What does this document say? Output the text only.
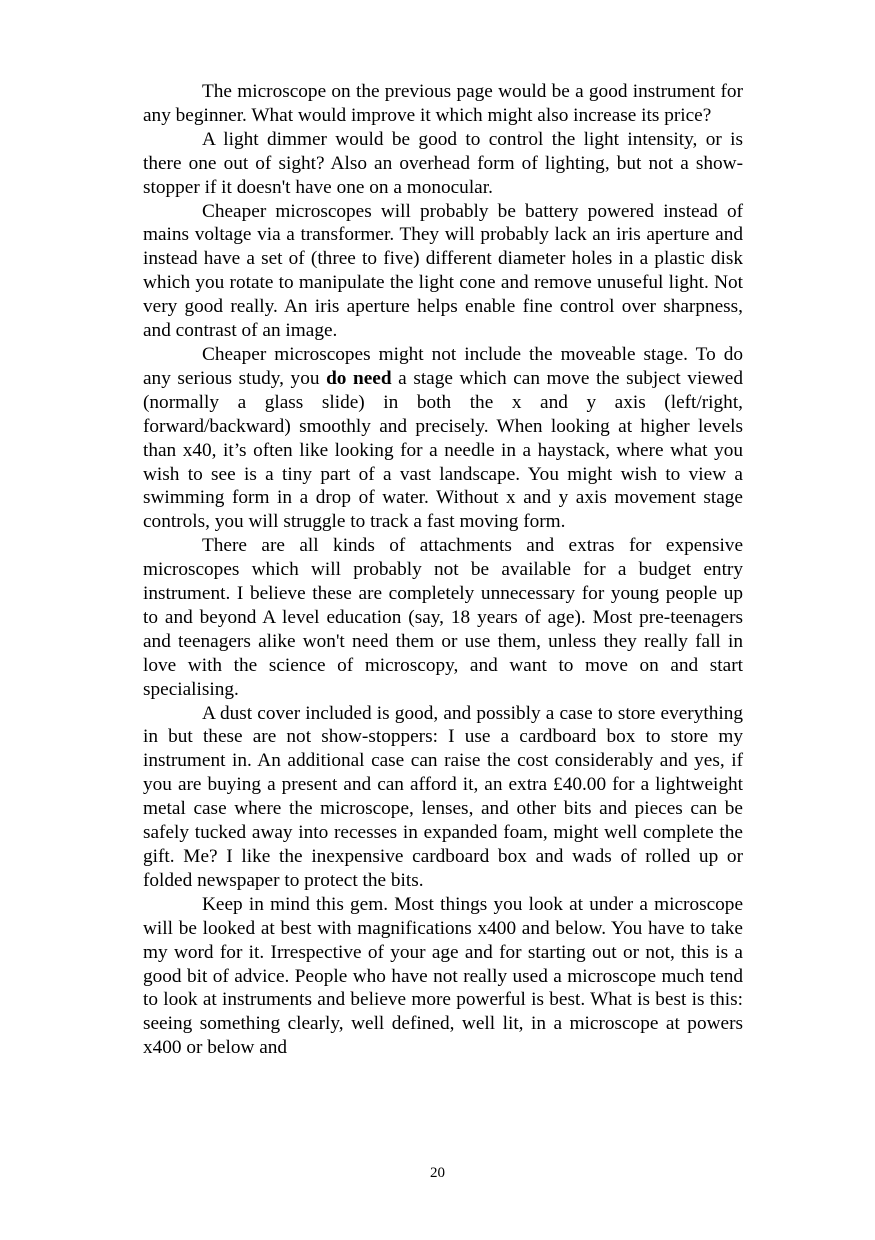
The microscope on the previous page would be a good instrument for any beginner. What would improve it which might also increase its price?

A light dimmer would be good to control the light intensity, or is there one out of sight? Also an overhead form of lighting, but not a show-stopper if it doesn't have one on a monocular.

Cheaper microscopes will probably be battery powered instead of mains voltage via a transformer. They will probably lack an iris aperture and instead have a set of (three to five) different diameter holes in a plastic disk which you rotate to manipulate the light cone and remove unuseful light. Not very good really. An iris aperture helps enable fine control over sharpness, and contrast of an image.

Cheaper microscopes might not include the moveable stage. To do any serious study, you do need a stage which can move the subject viewed (normally a glass slide) in both the x and y axis (left/right, forward/backward) smoothly and precisely. When looking at higher levels than x40, it’s often like looking for a needle in a haystack, where what you wish to see is a tiny part of a vast landscape. You might wish to view a swimming form in a drop of water. Without x and y axis movement stage controls, you will struggle to track a fast moving form.

There are all kinds of attachments and extras for expensive microscopes which will probably not be available for a budget entry instrument. I believe these are completely unnecessary for young people up to and beyond A level education (say, 18 years of age). Most pre-teenagers and teenagers alike won't need them or use them, unless they really fall in love with the science of microscopy, and want to move on and start specialising.

A dust cover included is good, and possibly a case to store everything in but these are not show-stoppers: I use a cardboard box to store my instrument in. An additional case can raise the cost considerably and yes, if you are buying a present and can afford it, an extra £40.00 for a lightweight metal case where the microscope, lenses, and other bits and pieces can be safely tucked away into recesses in expanded foam, might well complete the gift. Me? I like the inexpensive cardboard box and wads of rolled up or folded newspaper to protect the bits.

Keep in mind this gem. Most things you look at under a microscope will be looked at best with magnifications x400 and below. You have to take my word for it. Irrespective of your age and for starting out or not, this is a good bit of advice. People who have not really used a microscope much tend to look at instruments and believe more powerful is best. What is best is this: seeing something clearly, well defined, well lit, in a microscope at powers x400 or below and

20
